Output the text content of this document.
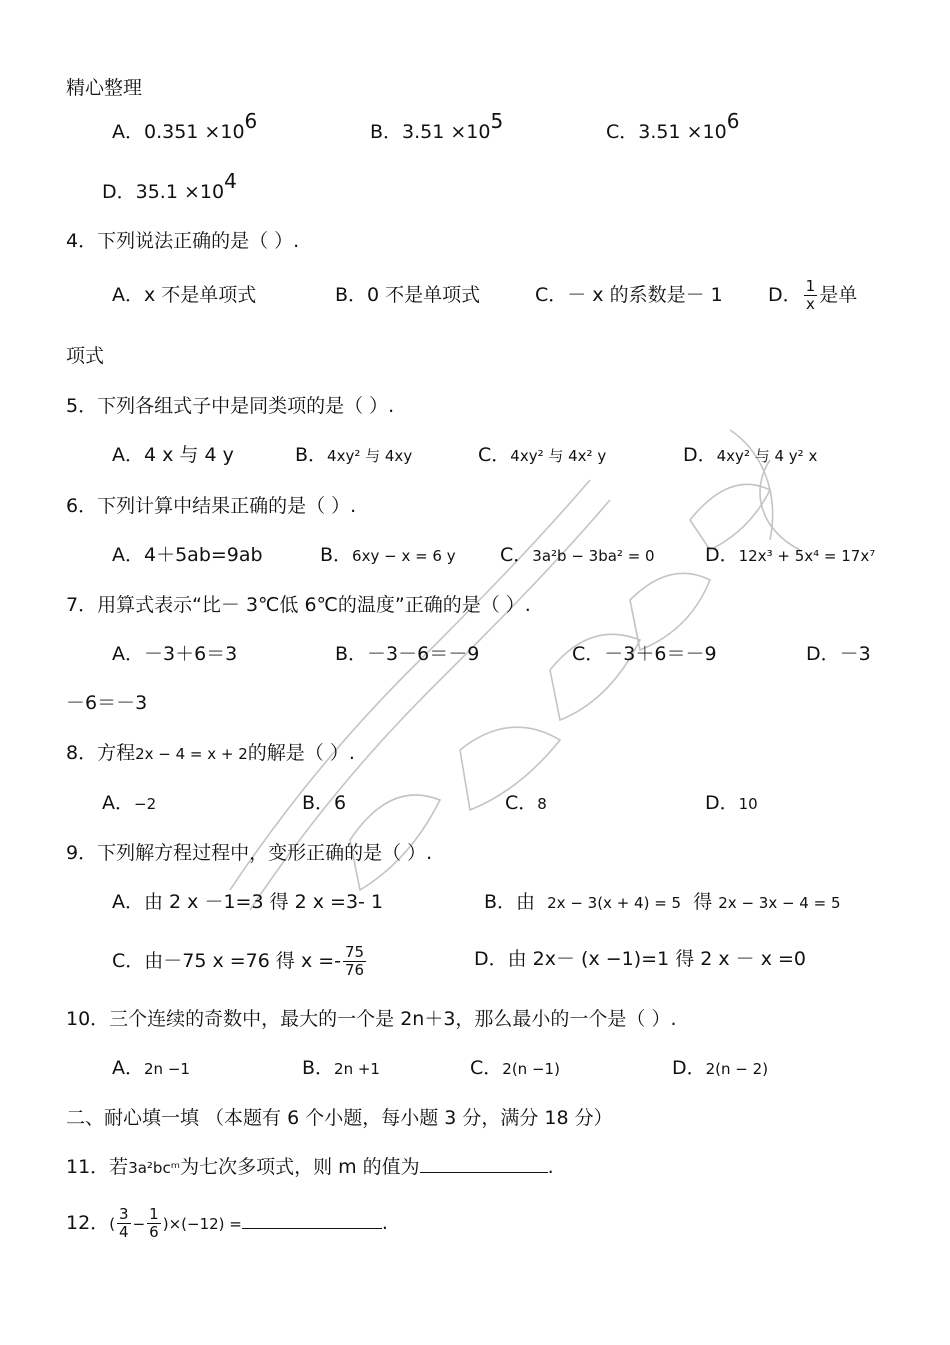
精心整理
A．0.351 ×106	B．3.51 ×105	C．3.51 ×106
D．35.1 ×104
4．下列说法正确的是（ ）.
A．x 不是单项式	B．0 不是单项式	C．－ x 的系数是－ 1 D． $\frac{1}{x}$ 是单
项式
5．下列各组式子中是同类项的是（ ）.
A．4 x 与 4 y	B．4xy² 与 4xy	C．4xy² 与 4x² y	D．4xy² 与 4 y² x
6．下列计算中结果正确的是（ ）.
A．4＋5ab=9ab	B．6xy − x = 6 y C．3a²b − 3ba² = 0	D．12x³ + 5x⁴ = 17x⁷
7．用算式表示“比－ 3℃低 6℃的温度”正确的是（ ）.
A．－3＋6＝3	B．－3－6＝－9	C．－3＋6＝－9	D．－3
－6＝－3
8．方程2x − 4 = x + 2的解是（ ）.
A．−2	B．6	C．8	D．10
9．下列解方程过程中，变形正确的是（ ）.
A．由 2 x －1=3 得 2 x =3- 1	B．由 2x − 3(x + 4) = 5 得 2x − 3x − 4 = 5
C．由－75 x =76 得 $x =- \frac{75}{76}$	D．由 2x－ (x −1)=1 得 2 x － x =0
10．三个连续的奇数中，最大的一个是 2n＋3，那么最小的一个是（ ）.
A．2n −1	B．2n +1	C．2(n −1)	D．2(n − 2)
二、耐心填一填 （本题有 6 个小题，每小题 3 分，满分 18 分）
11．若3a²bcᵐ为七次多项式，则 m 的值为	.
12．( $\frac{3}{4} - \frac{1}{6} )\times(-12)$ =	.
